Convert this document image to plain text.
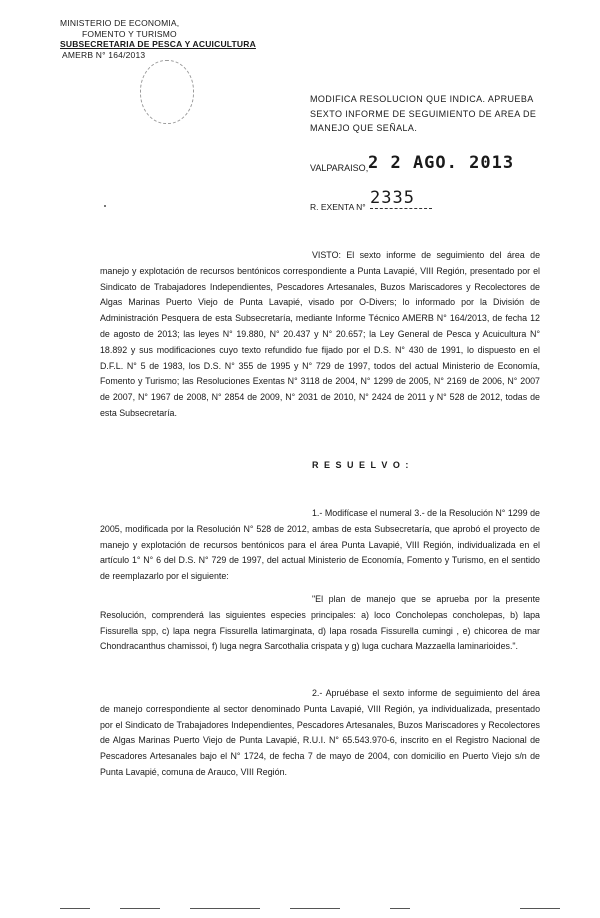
MINISTERIO DE ECONOMIA,
FOMENTO Y TURISMO
SUBSECRETARIA DE PESCA Y ACUICULTURA
AMERB N° 164/2013
MODIFICA RESOLUCION QUE INDICA. APRUEBA SEXTO INFORME DE SEGUIMIENTO DE AREA DE MANEJO QUE SEÑALA.
VALPARAISO, 2 2 AGO. 2013
R. EXENTA N° 2335
VISTO: El sexto informe de seguimiento del área de manejo y explotación de recursos bentónicos correspondiente a Punta Lavapié, VIII Región, presentado por el Sindicato de Trabajadores Independientes, Pescadores Artesanales, Buzos Mariscadores y Recolectores de Algas Marinas Puerto Viejo de Punta Lavapié, visado por O-Divers; lo informado por la División de Administración Pesquera de esta Subsecretaría, mediante Informe Técnico AMERB N° 164/2013, de fecha 12 de agosto de 2013; las leyes N° 19.880, N° 20.437 y N° 20.657; la Ley General de Pesca y Acuicultura N° 18.892 y sus modificaciones cuyo texto refundido fue fijado por el D.S. N° 430 de 1991, lo dispuesto en el D.F.L. N° 5 de 1983, los D.S. N° 355 de 1995 y N° 729 de 1997, todos del actual Ministerio de Economía, Fomento y Turismo; las Resoluciones Exentas N° 3118 de 2004, N° 1299 de 2005, N° 2169 de 2006, N° 2007 de 2007, N° 1967 de 2008, N° 2854 de 2009, N° 2031 de 2010, N° 2424 de 2011 y N° 528 de 2012, todas de esta Subsecretaría.
R E S U E L V O :
1.- Modifícase el numeral 3.- de la Resolución N° 1299 de 2005, modificada por la Resolución N° 528 de 2012, ambas de esta Subsecretaría, que aprobó el proyecto de manejo y explotación de recursos bentónicos para el área Punta Lavapié, VIII Región, individualizada en el artículo 1° N° 6 del D.S. N° 729 de 1997, del actual Ministerio de Economía, Fomento y Turismo, en el sentido de reemplazarlo por el siguiente:
"El plan de manejo que se aprueba por la presente Resolución, comprenderá las siguientes especies principales: a) loco Concholepas concholepas, b) lapa Fissurella spp, c) lapa negra Fissurella latimarginata, d) lapa rosada Fissurella cumingi , e) chicorea de mar Chondracanthus chamissoi, f) luga negra Sarcothalia crispata y g) luga cuchara Mazzaella laminarioides.".
2.- Apruébase el sexto informe de seguimiento del área de manejo correspondiente al sector denominado Punta Lavapié, VIII Región, ya individualizada, presentado por el Sindicato de Trabajadores Independientes, Pescadores Artesanales, Buzos Mariscadores y Recolectores de Algas Marinas Puerto Viejo de Punta Lavapié, R.U.I. N° 65.543.970-6, inscrito en el Registro Nacional de Pescadores Artesanales bajo el N° 1724, de fecha 7 de mayo de 2004, con domicilio en Puerto Viejo s/n de Punta Lavapié, comuna de Arauco, VIII Región.
